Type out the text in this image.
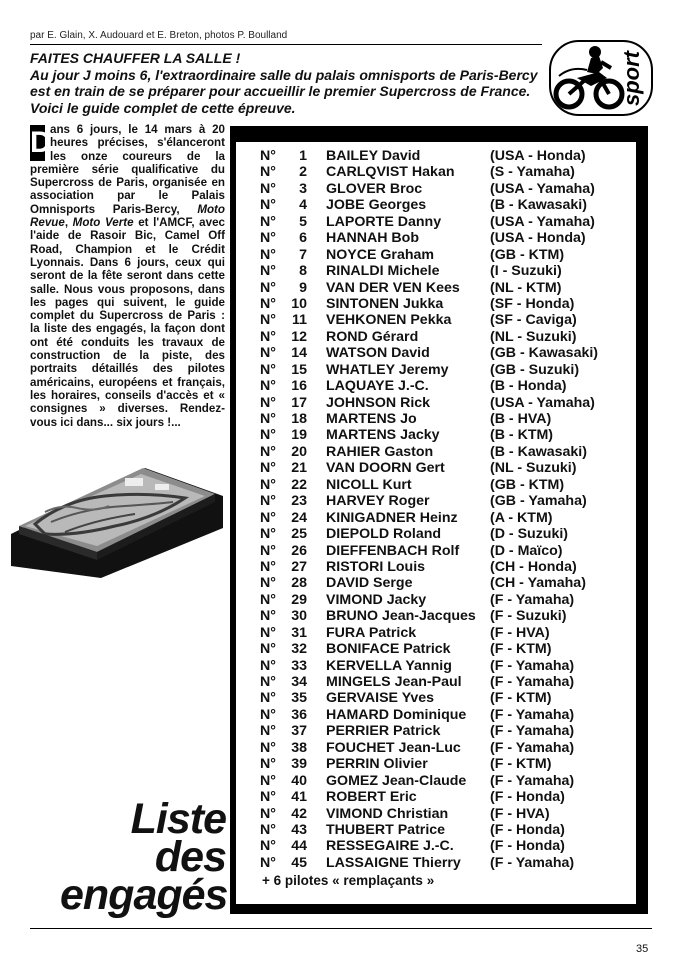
par E. Glain, X. Audouard et E. Breton, photos P. Boulland
FAITES CHAUFFER LA SALLE !
Au jour J moins 6, l'extraordinaire salle du palais omnisports de Paris-Bercy est en train de se préparer pour accueillir le premier Supercross de France. Voici le guide complet de cette épreuve.
sport
D
ans 6 jours, le 14 mars à 20 heures précises, s'élanceront les onze coureurs de la première série qualificative du Supercross de Paris, organisée en association par le Palais Omnisports Paris-Bercy, Moto Revue, Moto Verte et l'AMCF, avec l'aide de Rasoir Bic, Camel Off Road, Champion et le Crédit Lyonnais. Dans 6 jours, ceux qui seront de la fête seront dans cette salle. Nous vous proposons, dans les pages qui suivent, le guide complet du Supercross de Paris : la liste des engagés, la façon dont ont été conduits les travaux de construction de la piste, des portraits détaillés des pilotes américains, européens et français, les horaires, conseils d'accès et « consignes » diverses. Rendez-vous ici dans... six jours !...
Liste
des
engagés
N°	1 BAILEY David	(USA - Honda)
N°	2 CARLQVIST Hakan	(S - Yamaha)
N°	3 GLOVER Broc	(USA - Yamaha)
N°	4 JOBE Georges	(B - Kawasaki)
N°	5 LAPORTE Danny	(USA - Yamaha)
N°	6 HANNAH Bob	(USA - Honda)
N°	7 NOYCE Graham	(GB - KTM)
N°	8 RINALDI Michele	(I - Suzuki)
N°	9 VAN DER VEN Kees (NL - KTM)
N°	10 SINTONEN Jukka	(SF - Honda)
N°	11 VEHKONEN Pekka	(SF - Caviga)
N°	12 ROND Gérard	(NL - Suzuki)
N°	14 WATSON David	(GB - Kawasaki)
N°	15 WHATLEY Jeremy	(GB - Suzuki)
N°	16 LAQUAYE J.-C.	(B - Honda)
N°	17 JOHNSON Rick	(USA - Yamaha)
N°	18 MARTENS Jo	(B - HVA)
N°	19 MARTENS Jacky	(B - KTM)
N°	20 RAHIER Gaston	(B - Kawasaki)
N°	21 VAN DOORN Gert	(NL - Suzuki)
N°	22 NICOLL Kurt	(GB - KTM)
N°	23 HARVEY Roger	(GB - Yamaha)
N°	24 KINIGADNER Heinz (A - KTM)
N°	25 DIEPOLD Roland	(D - Suzuki)
N°	26 DIEFFENBACH Rolf (D - Maïco)
N°	27 RISTORI Louis	(CH - Honda)
N°	28 DAVID Serge	(CH - Yamaha)
N°	29 VIMOND Jacky	(F - Yamaha)
N°	30 BRUNO Jean-Jacques (F - Suzuki)
N°	31 FURA Patrick	(F - HVA)
N°	32 BONIFACE Patrick	(F - KTM)
N°	33 KERVELLA Yannig	(F - Yamaha)
N°	34 MINGELS Jean-Paul (F - Yamaha)
N°	35 GERVAISE Yves	(F - KTM)
N°	36 HAMARD Dominique (F - Yamaha)
N°	37 PERRIER Patrick	(F - Yamaha)
N°	38 FOUCHET Jean-Luc (F - Yamaha)
N°	39 PERRIN Olivier	(F - KTM)
N°	40 GOMEZ Jean-Claude (F - Yamaha)
N°	41 ROBERT Eric	(F - Honda)
N°	42 VIMOND Christian	(F - HVA)
N°	43 THUBERT Patrice	(F - Honda)
N°	44 RESSEGAIRE J.-C.	(F - Honda)
N°	45 LASSAIGNE Thierry (F - Yamaha)
+ 6 pilotes « remplaçants »
35
